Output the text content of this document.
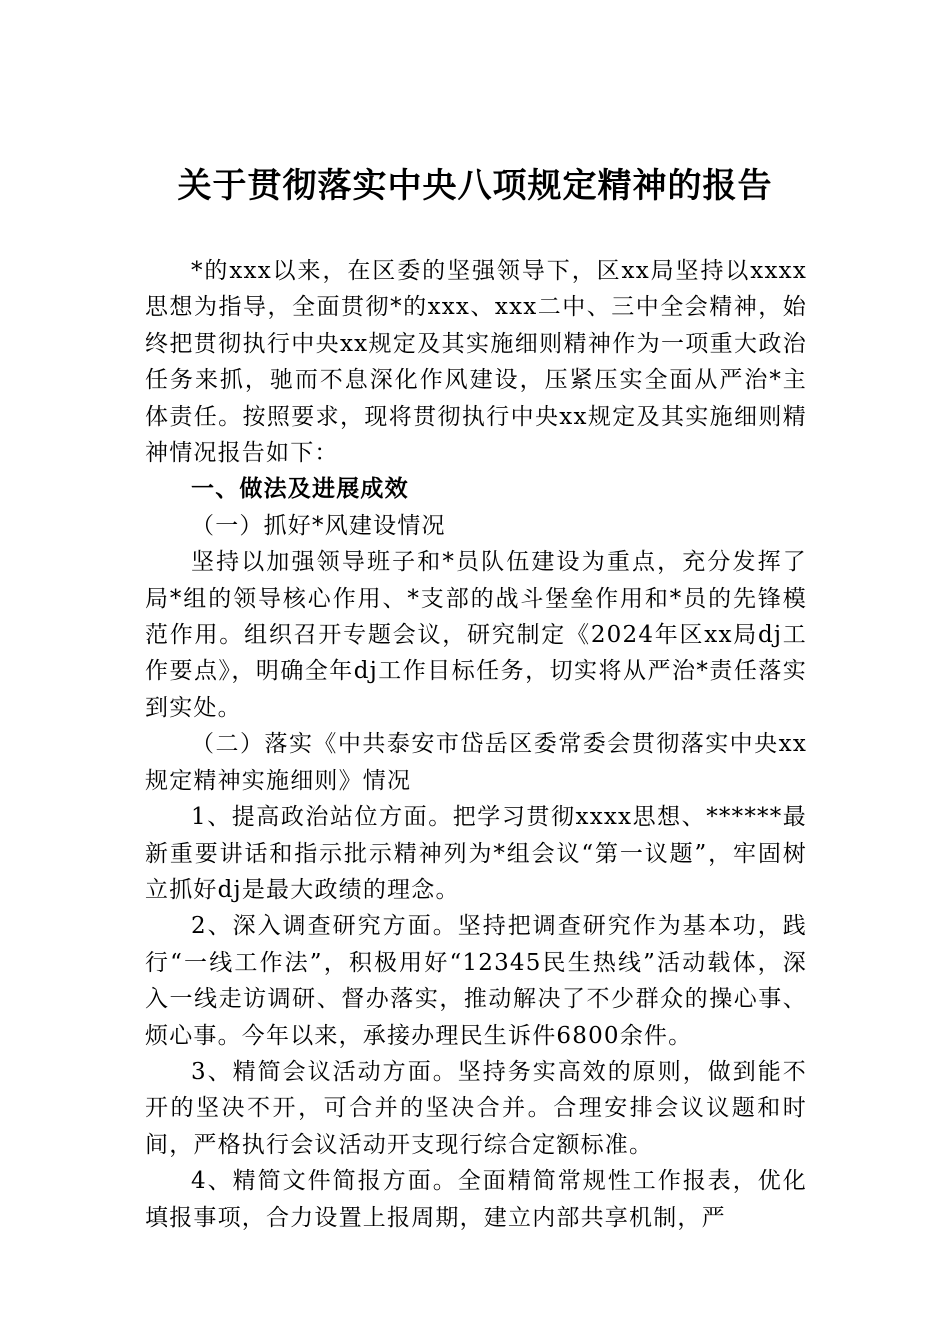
关于贯彻落实中央八项规定精神的报告

*的xxx以来，在区委的坚强领导下，区xx局坚持以xxxx思想为指导，全面贯彻*的xxx、xxx二中、三中全会精神，始终把贯彻执行中央xx规定及其实施细则精神作为一项重大政治任务来抓，驰而不息深化作风建设，压紧压实全面从严治*主体责任。按照要求，现将贯彻执行中央xx规定及其实施细则精神情况报告如下：

一、做法及进展成效

（一）抓好*风建设情况

坚持以加强领导班子和*员队伍建设为重点，充分发挥了局*组的领导核心作用、*支部的战斗堡垒作用和*员的先锋模范作用。组织召开专题会议，研究制定《2024年区xx局dj工作要点》，明确全年dj工作目标任务，切实将从严治*责任落实到实处。

（二）落实《中共泰安市岱岳区委常委会贯彻落实中央xx规定精神实施细则》情况

1、提高政治站位方面。把学习贯彻xxxx思想、******最新重要讲话和指示批示精神列为*组会议“第一议题”，牢固树立抓好dj是最大政绩的理念。

2、深入调查研究方面。坚持把调查研究作为基本功，践行“一线工作法”，积极用好“12345民生热线”活动载体，深入一线走访调研、督办落实，推动解决了不少群众的操心事、烦心事。今年以来，承接办理民生诉件6800余件。

3、精简会议活动方面。坚持务实高效的原则，做到能不开的坚决不开，可合并的坚决合并。合理安排会议议题和时间，严格执行会议活动开支现行综合定额标准。

4、精简文件简报方面。全面精简常规性工作报表，优化填报事项，合力设置上报周期，建立内部共享机制，严
